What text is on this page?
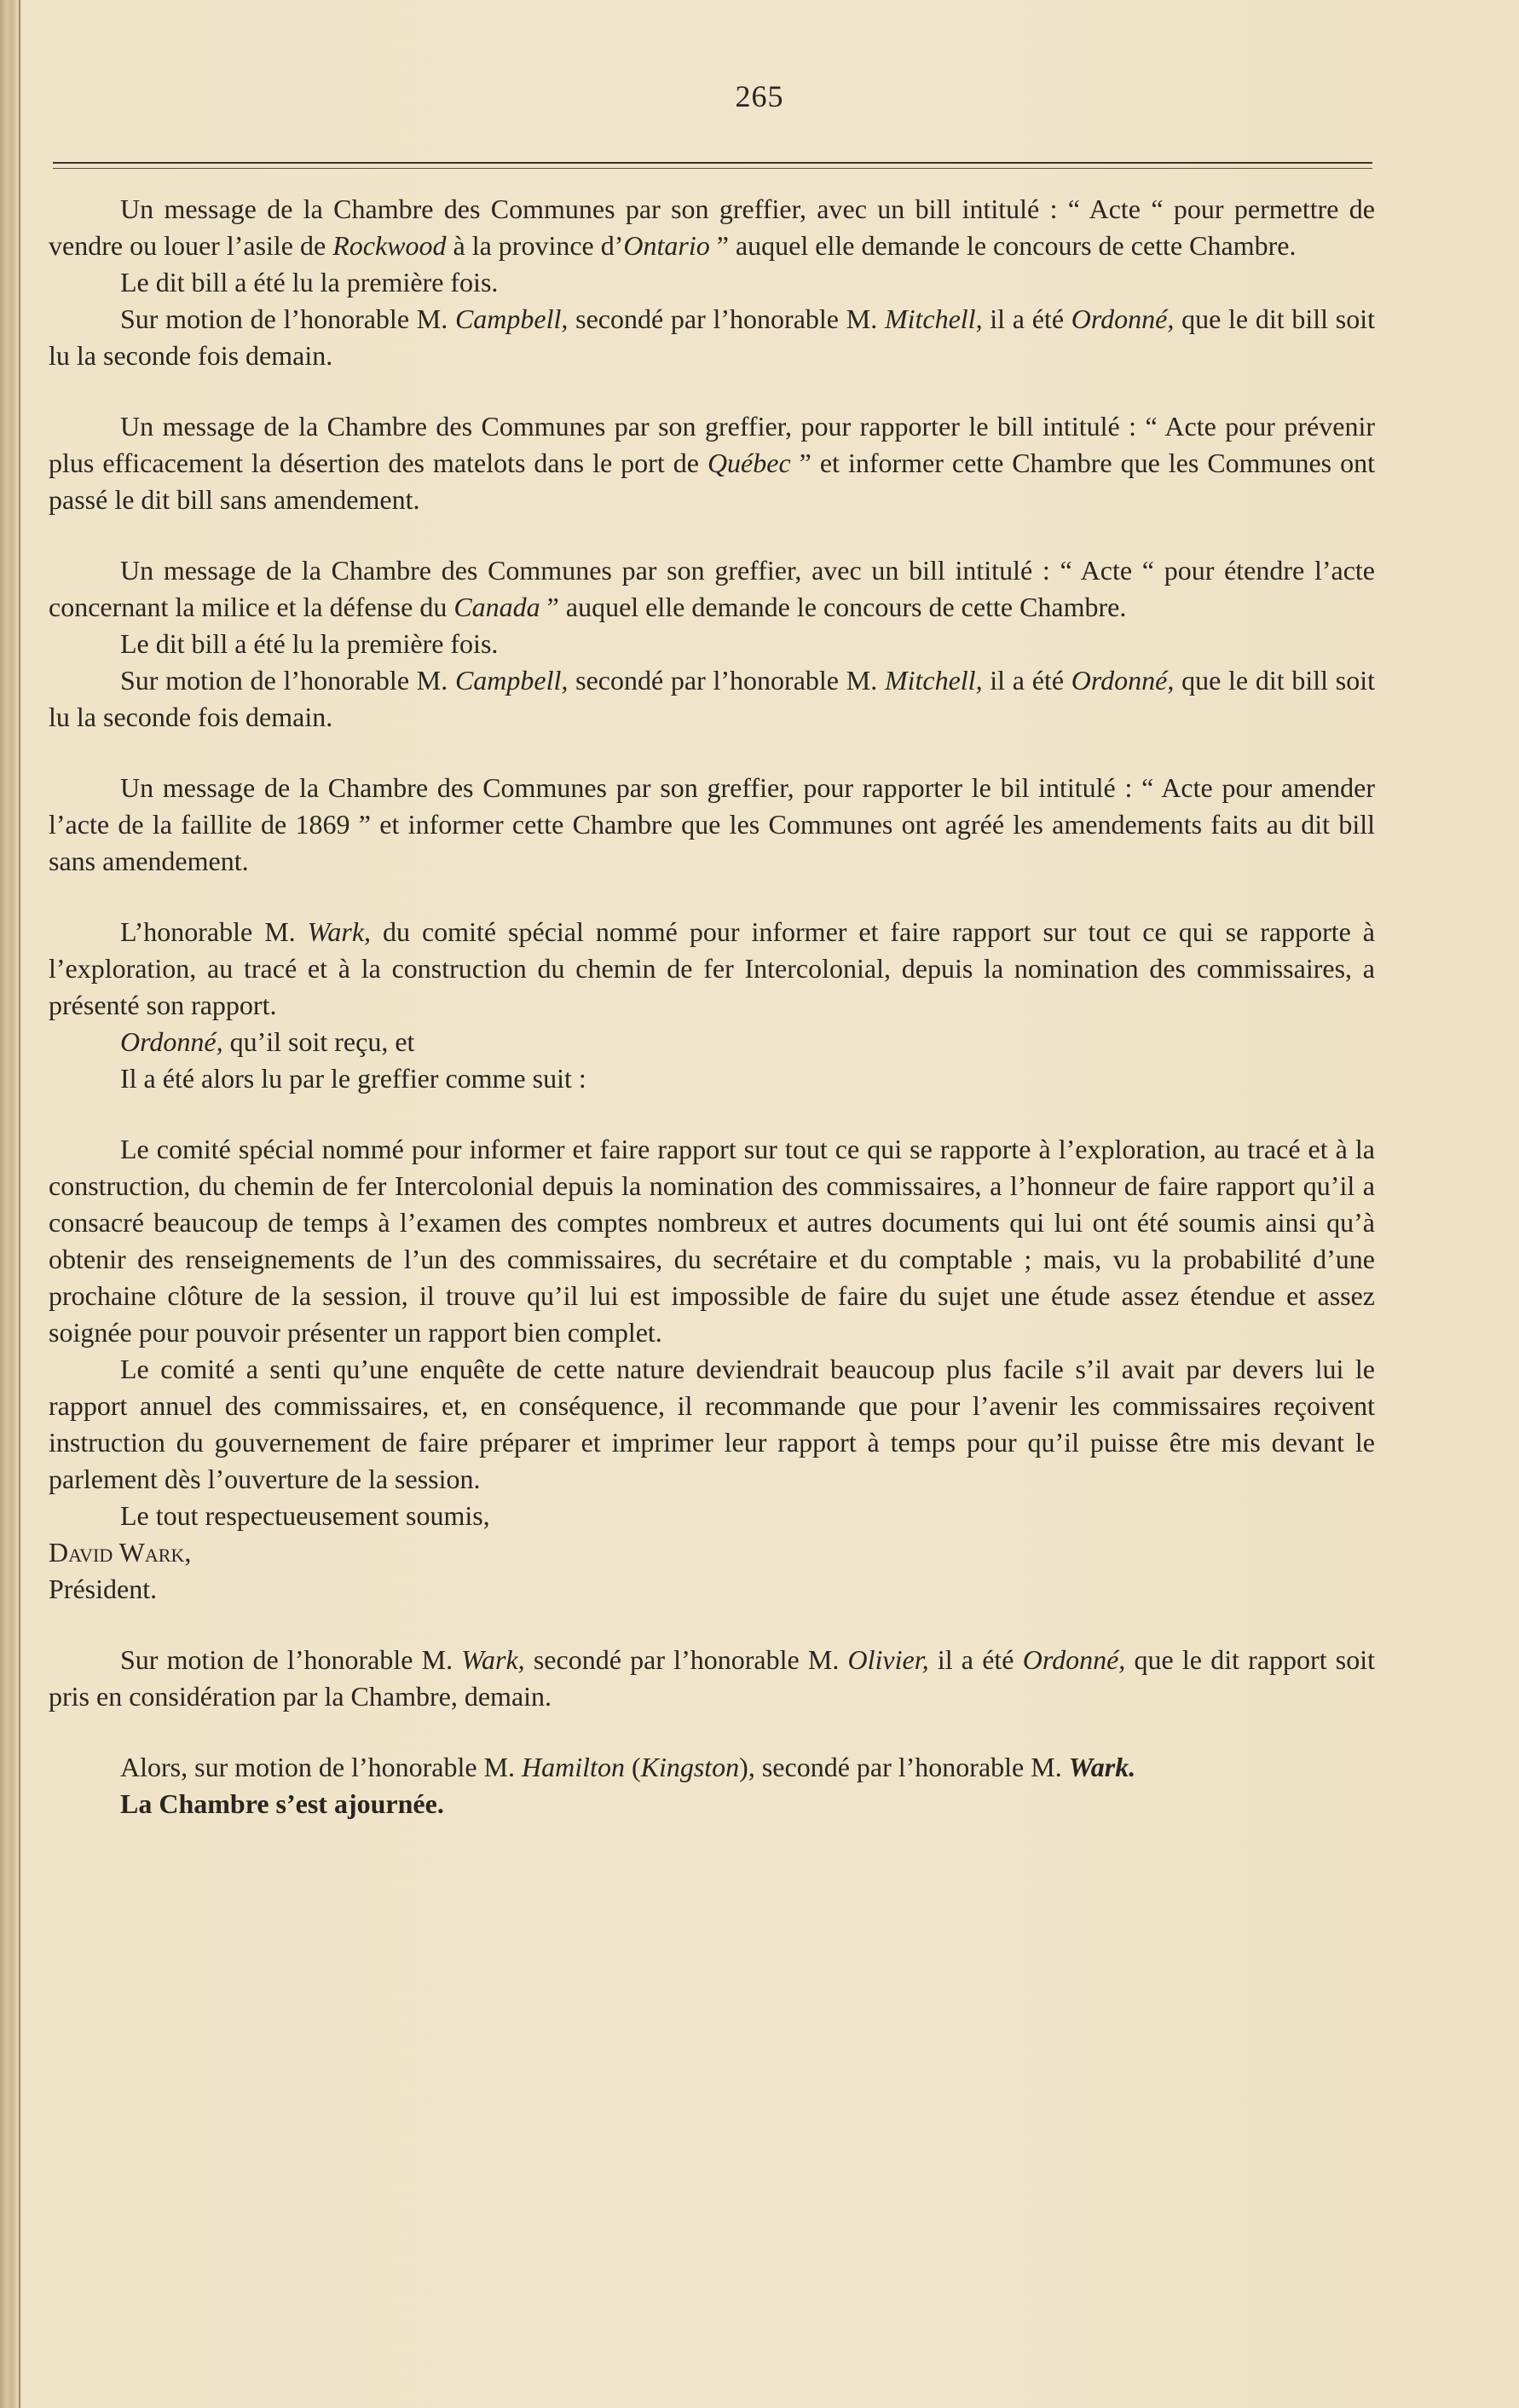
265

Un message de la Chambre des Communes par son greffier, avec un bill intitulé : “ Acte “ pour permettre de vendre ou louer l’asile de Rockwood à la province d’Ontario ” auquel elle demande le concours de cette Chambre.

Le dit bill a été lu la première fois.

Sur motion de l’honorable M. Campbell, secondé par l’honorable M. Mitchell, il a été Ordonné, que le dit bill soit lu la seconde fois demain.

Un message de la Chambre des Communes par son greffier, pour rapporter le bill intitulé : “ Acte pour prévenir plus efficacement la désertion des matelots dans le port de Québec ” et informer cette Chambre que les Communes ont passé le dit bill sans amendement.

Un message de la Chambre des Communes par son greffier, avec un bill intitulé : “ Acte “ pour étendre l’acte concernant la milice et la défense du Canada ” auquel elle demande le concours de cette Chambre.

Le dit bill a été lu la première fois.

Sur motion de l’honorable M. Campbell, secondé par l’honorable M. Mitchell, il a été Ordonné, que le dit bill soit lu la seconde fois demain.

Un message de la Chambre des Communes par son greffier, pour rapporter le bil intitulé : “ Acte pour amender l’acte de la faillite de 1869 ” et informer cette Chambre que les Communes ont agréé les amendements faits au dit bill sans amendement.

L’honorable M. Wark, du comité spécial nommé pour informer et faire rapport sur tout ce qui se rapporte à l’exploration, au tracé et à la construction du chemin de fer Intercolonial, depuis la nomination des commissaires, a présenté son rapport.

Ordonné, qu’il soit reçu, et

Il a été alors lu par le greffier comme suit :

Le comité spécial nommé pour informer et faire rapport sur tout ce qui se rapporte à l’exploration, au tracé et à la construction, du chemin de fer Intercolonial depuis la nomination des commissaires, a l’honneur de faire rapport qu’il a consacré beaucoup de temps à l’examen des comptes nombreux et autres documents qui lui ont été soumis ainsi qu’à obtenir des renseignements de l’un des commissaires, du secrétaire et du comptable ; mais, vu la probabilité d’une prochaine clôture de la session, il trouve qu’il lui est impossible de faire du sujet une étude assez étendue et assez soignée pour pouvoir présenter un rapport bien complet.

Le comité a senti qu’une enquête de cette nature deviendrait beaucoup plus facile s’il avait par devers lui le rapport annuel des commissaires, et, en conséquence, il recommande que pour l’avenir les commissaires reçoivent instruction du gouvernement de faire préparer et imprimer leur rapport à temps pour qu’il puisse être mis devant le parlement dès l’ouverture de la session.

Le tout respectueusement soumis,

David Wark,

Président.

Sur motion de l’honorable M. Wark, secondé par l’honorable M. Olivier, il a été Ordonné, que le dit rapport soit pris en considération par la Chambre, demain.

Alors, sur motion de l’honorable M. Hamilton (Kingston), secondé par l’honorable M. Wark.

La Chambre s’est ajournée.
